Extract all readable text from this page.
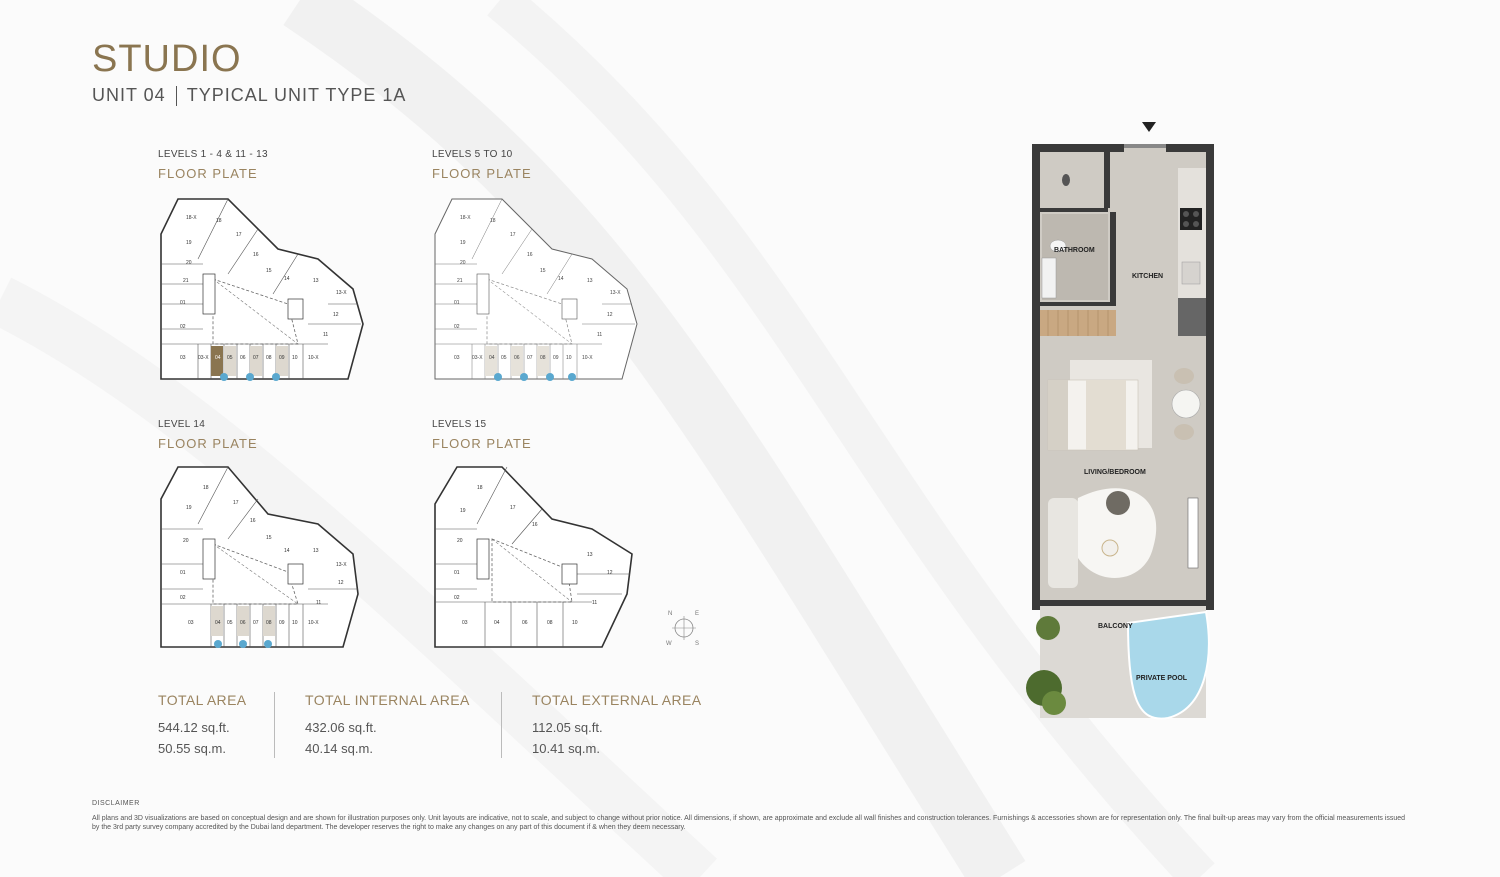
STUDIO
UNIT 04 TYPICAL UNIT TYPE 1A
LEVELS 1 - 4 & 11 - 13
FLOOR PLATE
18-X	18
17
19
16
20
15
14	13
13-X
21
01
02
03 03-X 04 05 06 07 08 09 10 10-X
12
11
LEVELS 5 TO 10
FLOOR PLATE
18-X	18
17
19
16
20
15
14	13
13-X
21
01
02
03 03-X 04 05 06 07 08 09 10 10-X
12
11
LEVEL 14
FLOOR PLATE
18
17
19
16
20	15
14	13
13-X
01
02
03	04 05 06 07 08 09 10 10-X
12
11
LEVELS 15
FLOOR PLATE
18
19	17
16
20
13
12
11
01
02
03	04	06	08	10
N	E
W	S
TOTAL AREA
544.12 sq.ft.
50.55 sq.m.
TOTAL INTERNAL AREA
432.06 sq.ft.
40.14 sq.m.
TOTAL EXTERNAL AREA
112.05 sq.ft.
10.41 sq.m.
BATHROOM
KITCHEN
LIVING/BEDROOM
BALCONY
PRIVATE POOL
DISCLAIMER
All plans and 3D visualizations are based on conceptual design and are shown for illustration purposes only. Unit layouts are indicative, not to scale, and subject to change without prior notice. All dimensions, if shown, are approximate and exclude all wall finishes and construction tolerances. Furnishings & accessories shown are for representation only. The final built-up areas may vary from the official measurements issued by the 3rd party survey company accredited by the Dubai land department. The developer reserves the right to make any changes on any part of this document if & when they deem necessary.
